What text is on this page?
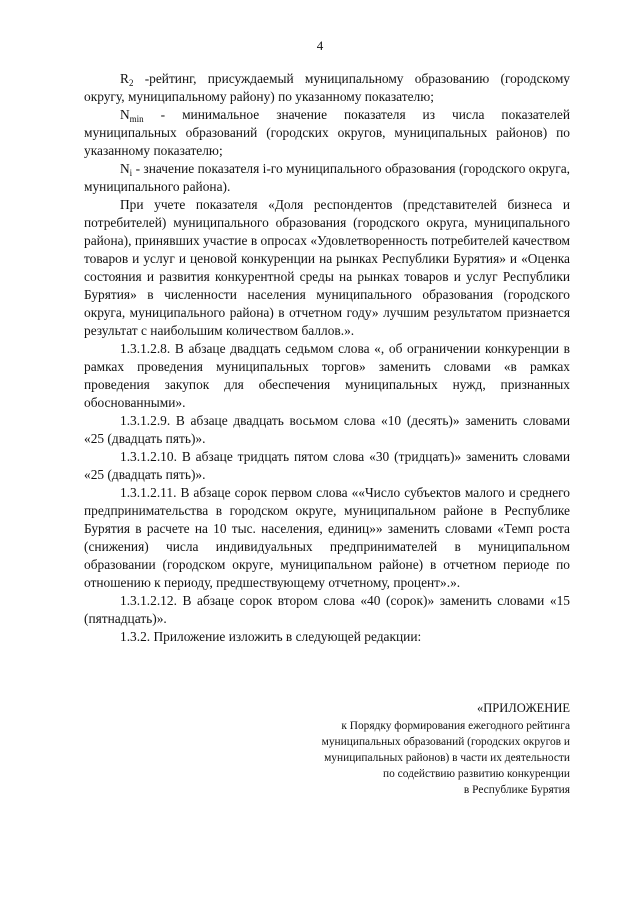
4

$R_2$ -рейтинг, присуждаемый муниципальному образованию (городскому округу, муниципальному району) по указанному показателю;

$N_{min}$ - минимальное значение показателя из числа показателей муниципальных образований (городских округов, муниципальных районов) по указанному показателю;

$N_i$ - значение показателя i-го муниципального образования (городского округа, муниципального района).

При учете показателя «Доля респондентов (представителей бизнеса и потребителей) муниципального образования (городского округа, муниципального района), принявших участие в опросах «Удовлетворенность потребителей качеством товаров и услуг и ценовой конкуренции на рынках Республики Бурятия» и «Оценка состояния и развития конкурентной среды на рынках товаров и услуг Республики Бурятия» в численности населения муниципального образования (городского округа, муниципального района) в отчетном году» лучшим результатом признается результат с наибольшим количеством баллов.».

1.3.1.2.8. В абзаце двадцать седьмом слова «, об ограничении конкуренции в рамках проведения муниципальных торгов» заменить словами «в рамках проведения закупок для обеспечения муниципальных нужд, признанных обоснованными».

1.3.1.2.9. В абзаце двадцать восьмом слова «10 (десять)» заменить словами «25 (двадцать пять)».

1.3.1.2.10. В абзаце тридцать пятом слова «30 (тридцать)» заменить словами «25 (двадцать пять)».

1.3.1.2.11. В абзаце сорок первом слова ««Число субъектов малого и среднего предпринимательства в городском округе, муниципальном районе в Республике Бурятия в расчете на 10 тыс. населения, единиц»» заменить словами «Темп роста (снижения) числа индивидуальных предпринимателей в муниципальном образовании (городском округе, муниципальном районе) в отчетном периоде по отношению к периоду, предшествующему отчетному, процент».».

1.3.1.2.12. В абзаце сорок втором слова «40 (сорок)» заменить словами «15 (пятнадцать)».

1.3.2. Приложение изложить в следующей редакции:

«ПРИЛОЖЕНИЕ
к Порядку формирования ежегодного рейтинга
муниципальных образований (городских округов и
муниципальных районов) в части их деятельности
по содействию развитию конкуренции
в Республике Бурятия
